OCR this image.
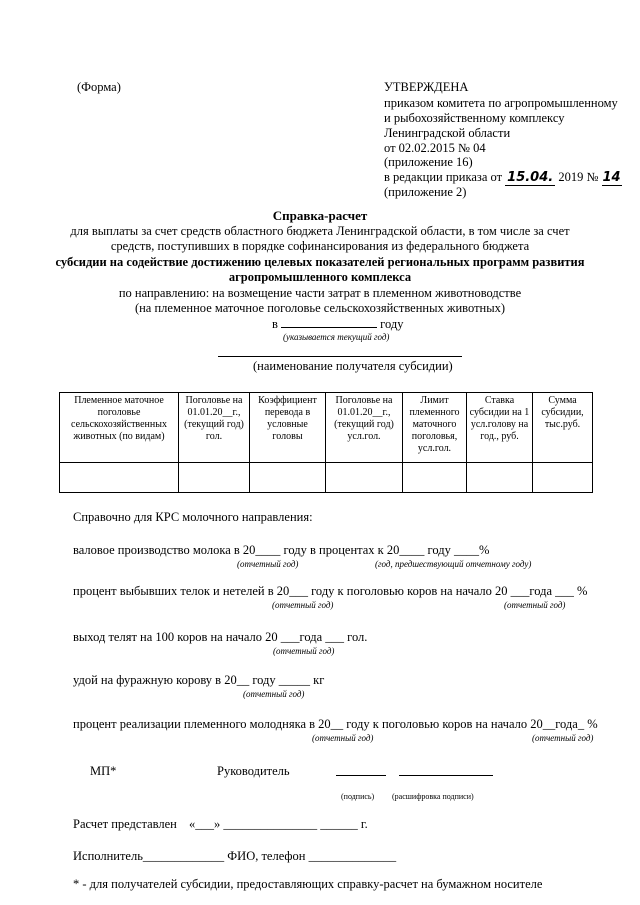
(Форма)	УТВЕРЖДЕНА
приказом комитета по агропромышленному
и рыбохозяйственному комплексу
Ленинградской области
от 02.02.2015 № 04
(приложение 16)
в редакции приказа от 15.04. 2019 № 14
(приложение 2)
Справка-расчет
для выплаты за счет средств областного бюджета Ленинградской области, в том числе за счет
средств, поступивших в порядке софинансирования из федерального бюджета
субсидии на содействие достижению целевых показателей региональных программ развития
агропромышленного комплекса
по направлению: на возмещение части затрат в племенном животноводстве
(на племенное маточное поголовье сельскохозяйственных животных)
в	году
(указывается текущий год)
(наименование получателя субсидии)
Племенное маточное поголовье сельскохозяйственных животных (по видам)	Поголовье на 01.01.20__г., (текущий год) гол.	Коэффициент перевода в условные головы	Поголовье на 01.01.20__г., (текущий год) усл.гол.	Лимит племенного маточного поголовья, усл.гол.	Ставка субсидии на 1 усл.голову на год., руб.	Сумма субсидии, тыс.руб.

Справочно для КРС молочного направления:
валовое производство молока в 20____ году в процентах к 20____ году ____%
(отчетный год)	(год, предшествующий отчетному году)
процент выбывших телок и нетелей в 20___ году к поголовью коров на начало 20 ___года ___ %
(отчетный год)	(отчетный год)
выход телят на 100 коров на начало 20 ___года ___ гол.
(отчетный год)
удой на фуражную корову в 20__ году _____ кг
(отчетный год)
процент реализации племенного молодняка в 20__ году к поголовью коров на начало 20__года_ %
(отчетный год)	(отчетный год)
МП*	Руководитель
(подпись) (расшифровка подписи)
Расчет представлен «___» _______________ ______ г.
Исполнитель_____________ ФИО, телефон ______________
* - для получателей субсидии, предоставляющих справку-расчет на бумажном носителе
